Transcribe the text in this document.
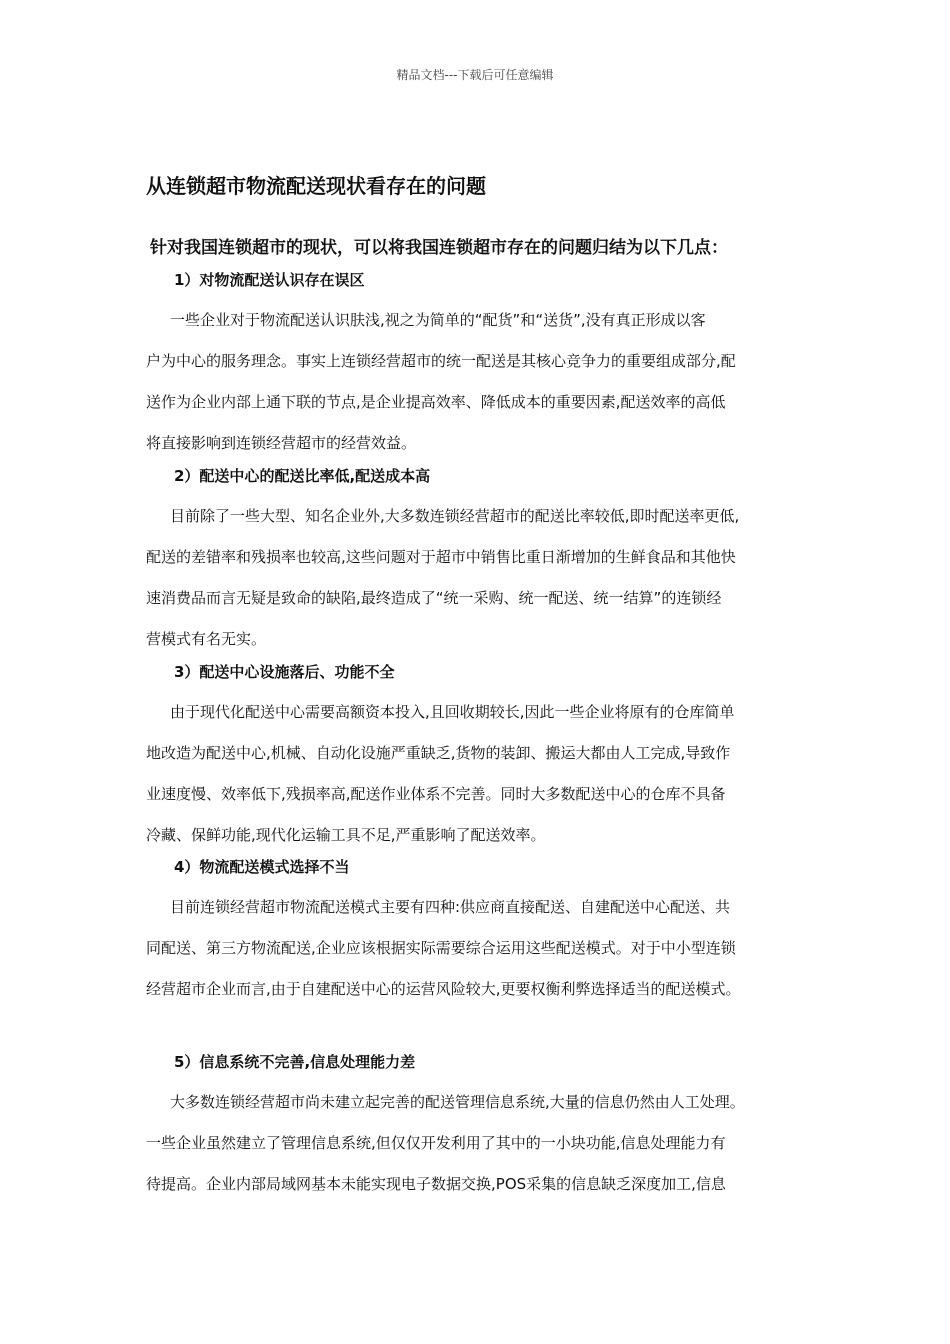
精品文档---下载后可任意编辑
从连锁超市物流配送现状看存在的问题
针对我国连锁超市的现状，可以将我国连锁超市存在的问题归结为以下几点：
1）对物流配送认识存在误区
一些企业对于物流配送认识肤浅,视之为简单的“配货”和“送货”,没有真正形成以客
户为中心的服务理念。事实上连锁经营超市的统一配送是其核心竞争力的重要组成部分,配
送作为企业内部上通下联的节点,是企业提高效率、降低成本的重要因素,配送效率的高低
将直接影响到连锁经营超市的经营效益。
2）配送中心的配送比率低,配送成本高
目前除了一些大型、知名企业外,大多数连锁经营超市的配送比率较低,即时配送率更低,
配送的差错率和残损率也较高,这些问题对于超市中销售比重日渐增加的生鲜食品和其他快
速消费品而言无疑是致命的缺陷,最终造成了“统一采购、统一配送、统一结算”的连锁经
营模式有名无实。
3）配送中心设施落后、功能不全
由于现代化配送中心需要高额资本投入,且回收期较长,因此一些企业将原有的仓库简单
地改造为配送中心,机械、自动化设施严重缺乏,货物的装卸、搬运大都由人工完成,导致作
业速度慢、效率低下,残损率高,配送作业体系不完善。同时大多数配送中心的仓库不具备
冷藏、保鲜功能,现代化运输工具不足,严重影响了配送效率。
4）物流配送模式选择不当
目前连锁经营超市物流配送模式主要有四种:供应商直接配送、自建配送中心配送、共
同配送、第三方物流配送,企业应该根据实际需要综合运用这些配送模式。对于中小型连锁
经营超市企业而言,由于自建配送中心的运营风险较大,更要权衡利弊选择适当的配送模式。
5）信息系统不完善,信息处理能力差
大多数连锁经营超市尚未建立起完善的配送管理信息系统,大量的信息仍然由人工处理。
一些企业虽然建立了管理信息系统,但仅仅开发利用了其中的一小块功能,信息处理能力有
待提高。企业内部局域网基本未能实现电子数据交换,POS采集的信息缺乏深度加工,信息
